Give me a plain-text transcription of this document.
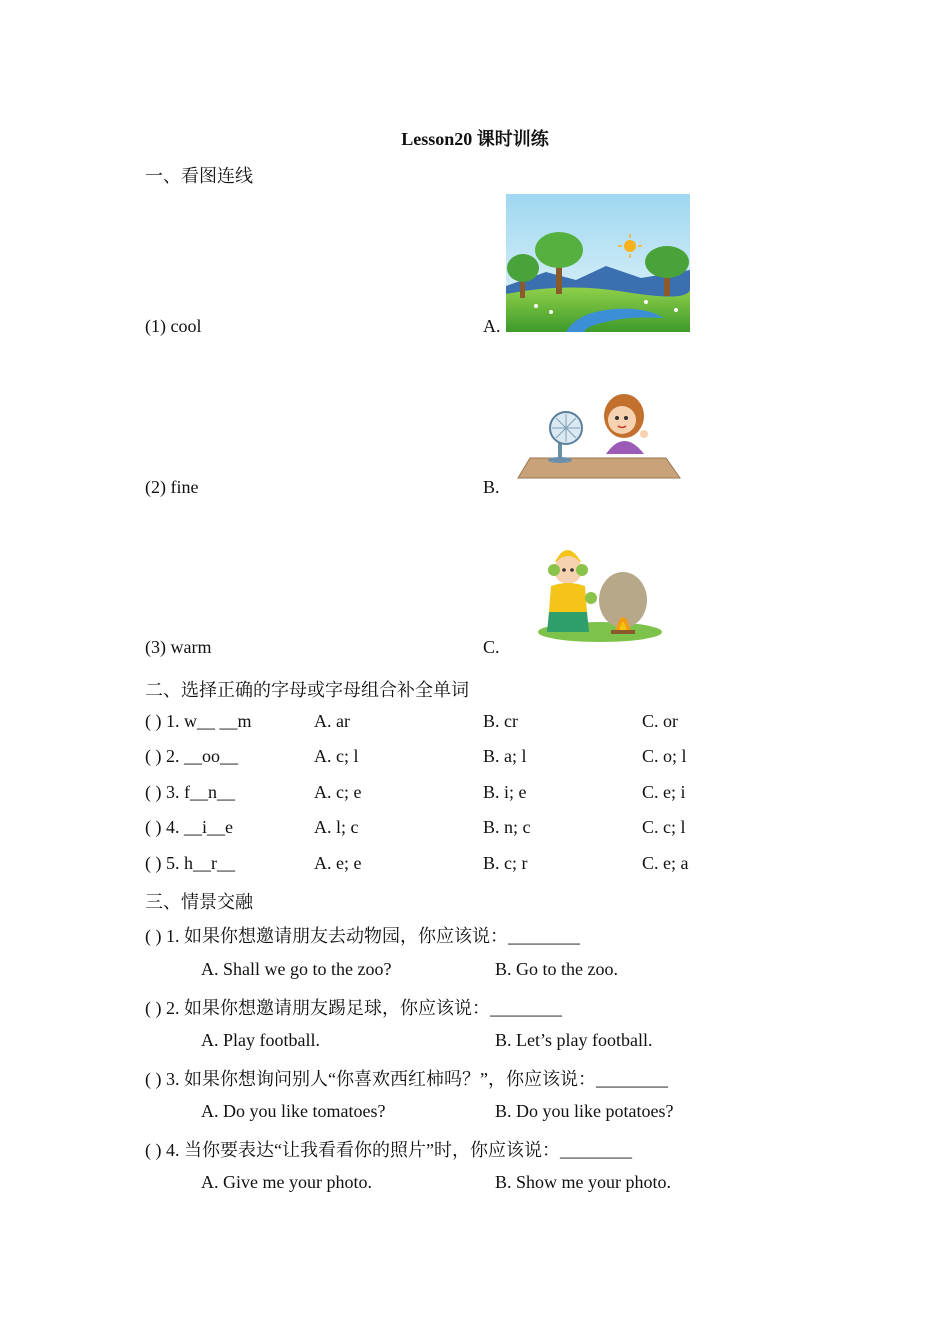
Lesson20 课时训练
一、看图连线
(1) cool	A.
(2) fine	B.
(3) warm	C.
二、选择正确的字母或字母组合补全单词
( ) 1. w__ __m	A. ar	B. cr	C. or
( ) 2. __oo__	A. c; l	B. a; l	C. o; l
( ) 3. f__n__	A. c; e	B. i; e	C. e; i
( ) 4. __i__e	A. l; c	B. n; c	C. c; l
( ) 5. h__r__	A. e; e	B. c; r	C. e; a
三、情景交融
( ) 1. 如果你想邀请朋友去动物园，你应该说：________
A. Shall we go to the zoo?	B. Go to the zoo.
( ) 2. 如果你想邀请朋友踢足球，你应该说：________
A. Play football.	B. Let’s play football.
( ) 3. 如果你想询问别人“你喜欢西红柿吗？”，你应该说：________
A. Do you like tomatoes?	B. Do you like potatoes?
( ) 4. 当你要表达“让我看看你的照片”时，你应该说：________
A. Give me your photo.	B. Show me your photo.
